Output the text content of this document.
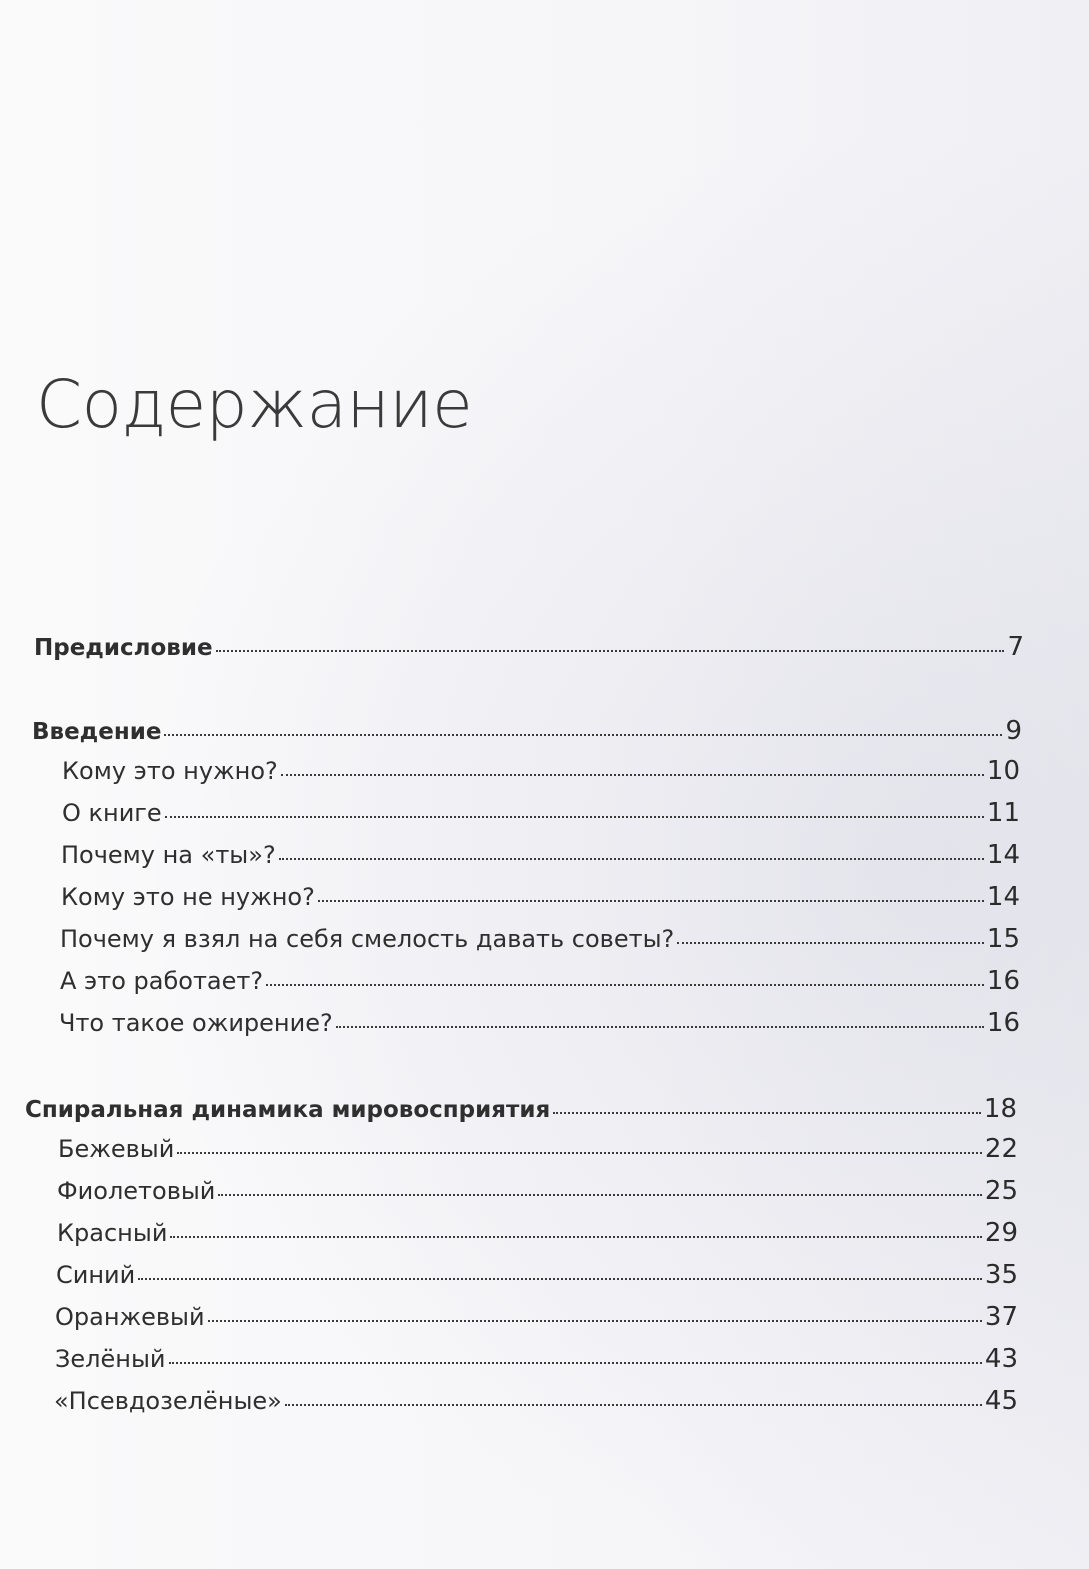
Содержание
Предисловие	7
Введение	9
Кому это нужно?	10
О книге	11
Почему на «ты»?	14
Кому это не нужно?	14
Почему я взял на себя смелость давать советы?	15
А это работает?	16
Что такое ожирение?	16
Спиральная динамика мировосприятия	18
Бежевый	22
Фиолетовый	25
Красный	29
Синий	35
Оранжевый	37
Зелёный	43
«Псевдозелёные»	45
